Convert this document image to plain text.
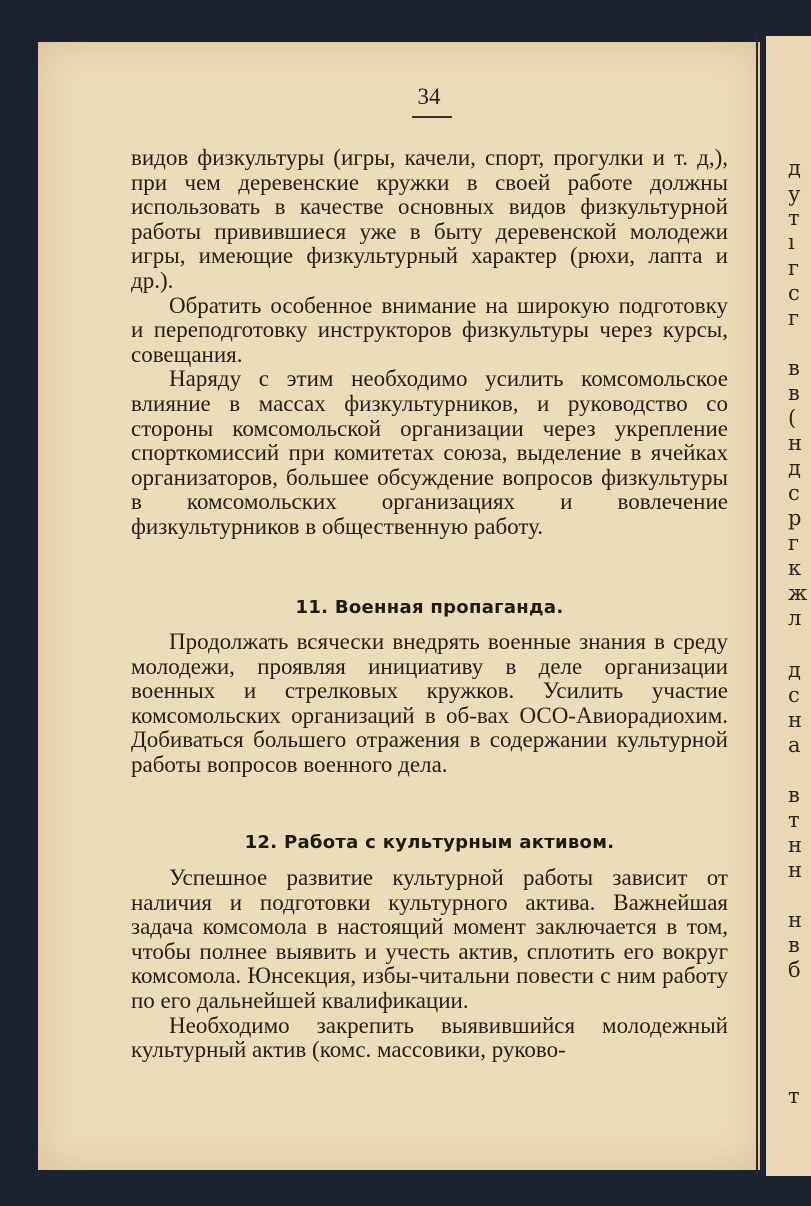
д
у
т
ı
г
с
г
в
в
(
н
д
с
р
г
к
ж
л
д
с
н
а
в
т
н
н
н
в
б
т
34

видов физкультуры (игры, качели, спорт, прогулки и т. д,), при чем деревенские кружки в своей работе должны использовать в качестве основных видов физкультурной работы привившиеся уже в быту деревенской молодежи игры, имеющие физкультурный характер (рюхи, лапта и др.).

Обратить особенное внимание на широкую подготовку и переподготовку инструкторов физкультуры через курсы, совещания.

Наряду с этим необходимо усилить комсомольское влияние в массах физкультурников, и руководство со стороны комсомольской организации через укрепление спорткомиссий при комитетах союза, выделение в ячейках организаторов, большее обсуждение вопросов физкультуры в комсомольских организациях и вовлечение физкультурников в общественную работу.

11. Военная пропаганда.

Продолжать всячески внедрять военные знания в среду молодежи, проявляя инициативу в деле организации военных и стрелковых кружков. Усилить участие комсомольских организаций в об-вах ОСО-Авиорадиохим. Добиваться большего отражения в содержании культурной работы вопросов военного дела.

12. Работа с культурным активом.

Успешное развитие культурной работы зависит от наличия и подготовки культурного актива. Важнейшая задача комсомола в настоящий момент заключается в том, чтобы полнее выявить и учесть актив, сплотить его вокруг комсомола. Юнсекция, избы-читальни повести с ним работу по его дальнейшей квалификации.

Необходимо закрепить выявившийся молодежный культурный актив (комс. массовики, руково-
